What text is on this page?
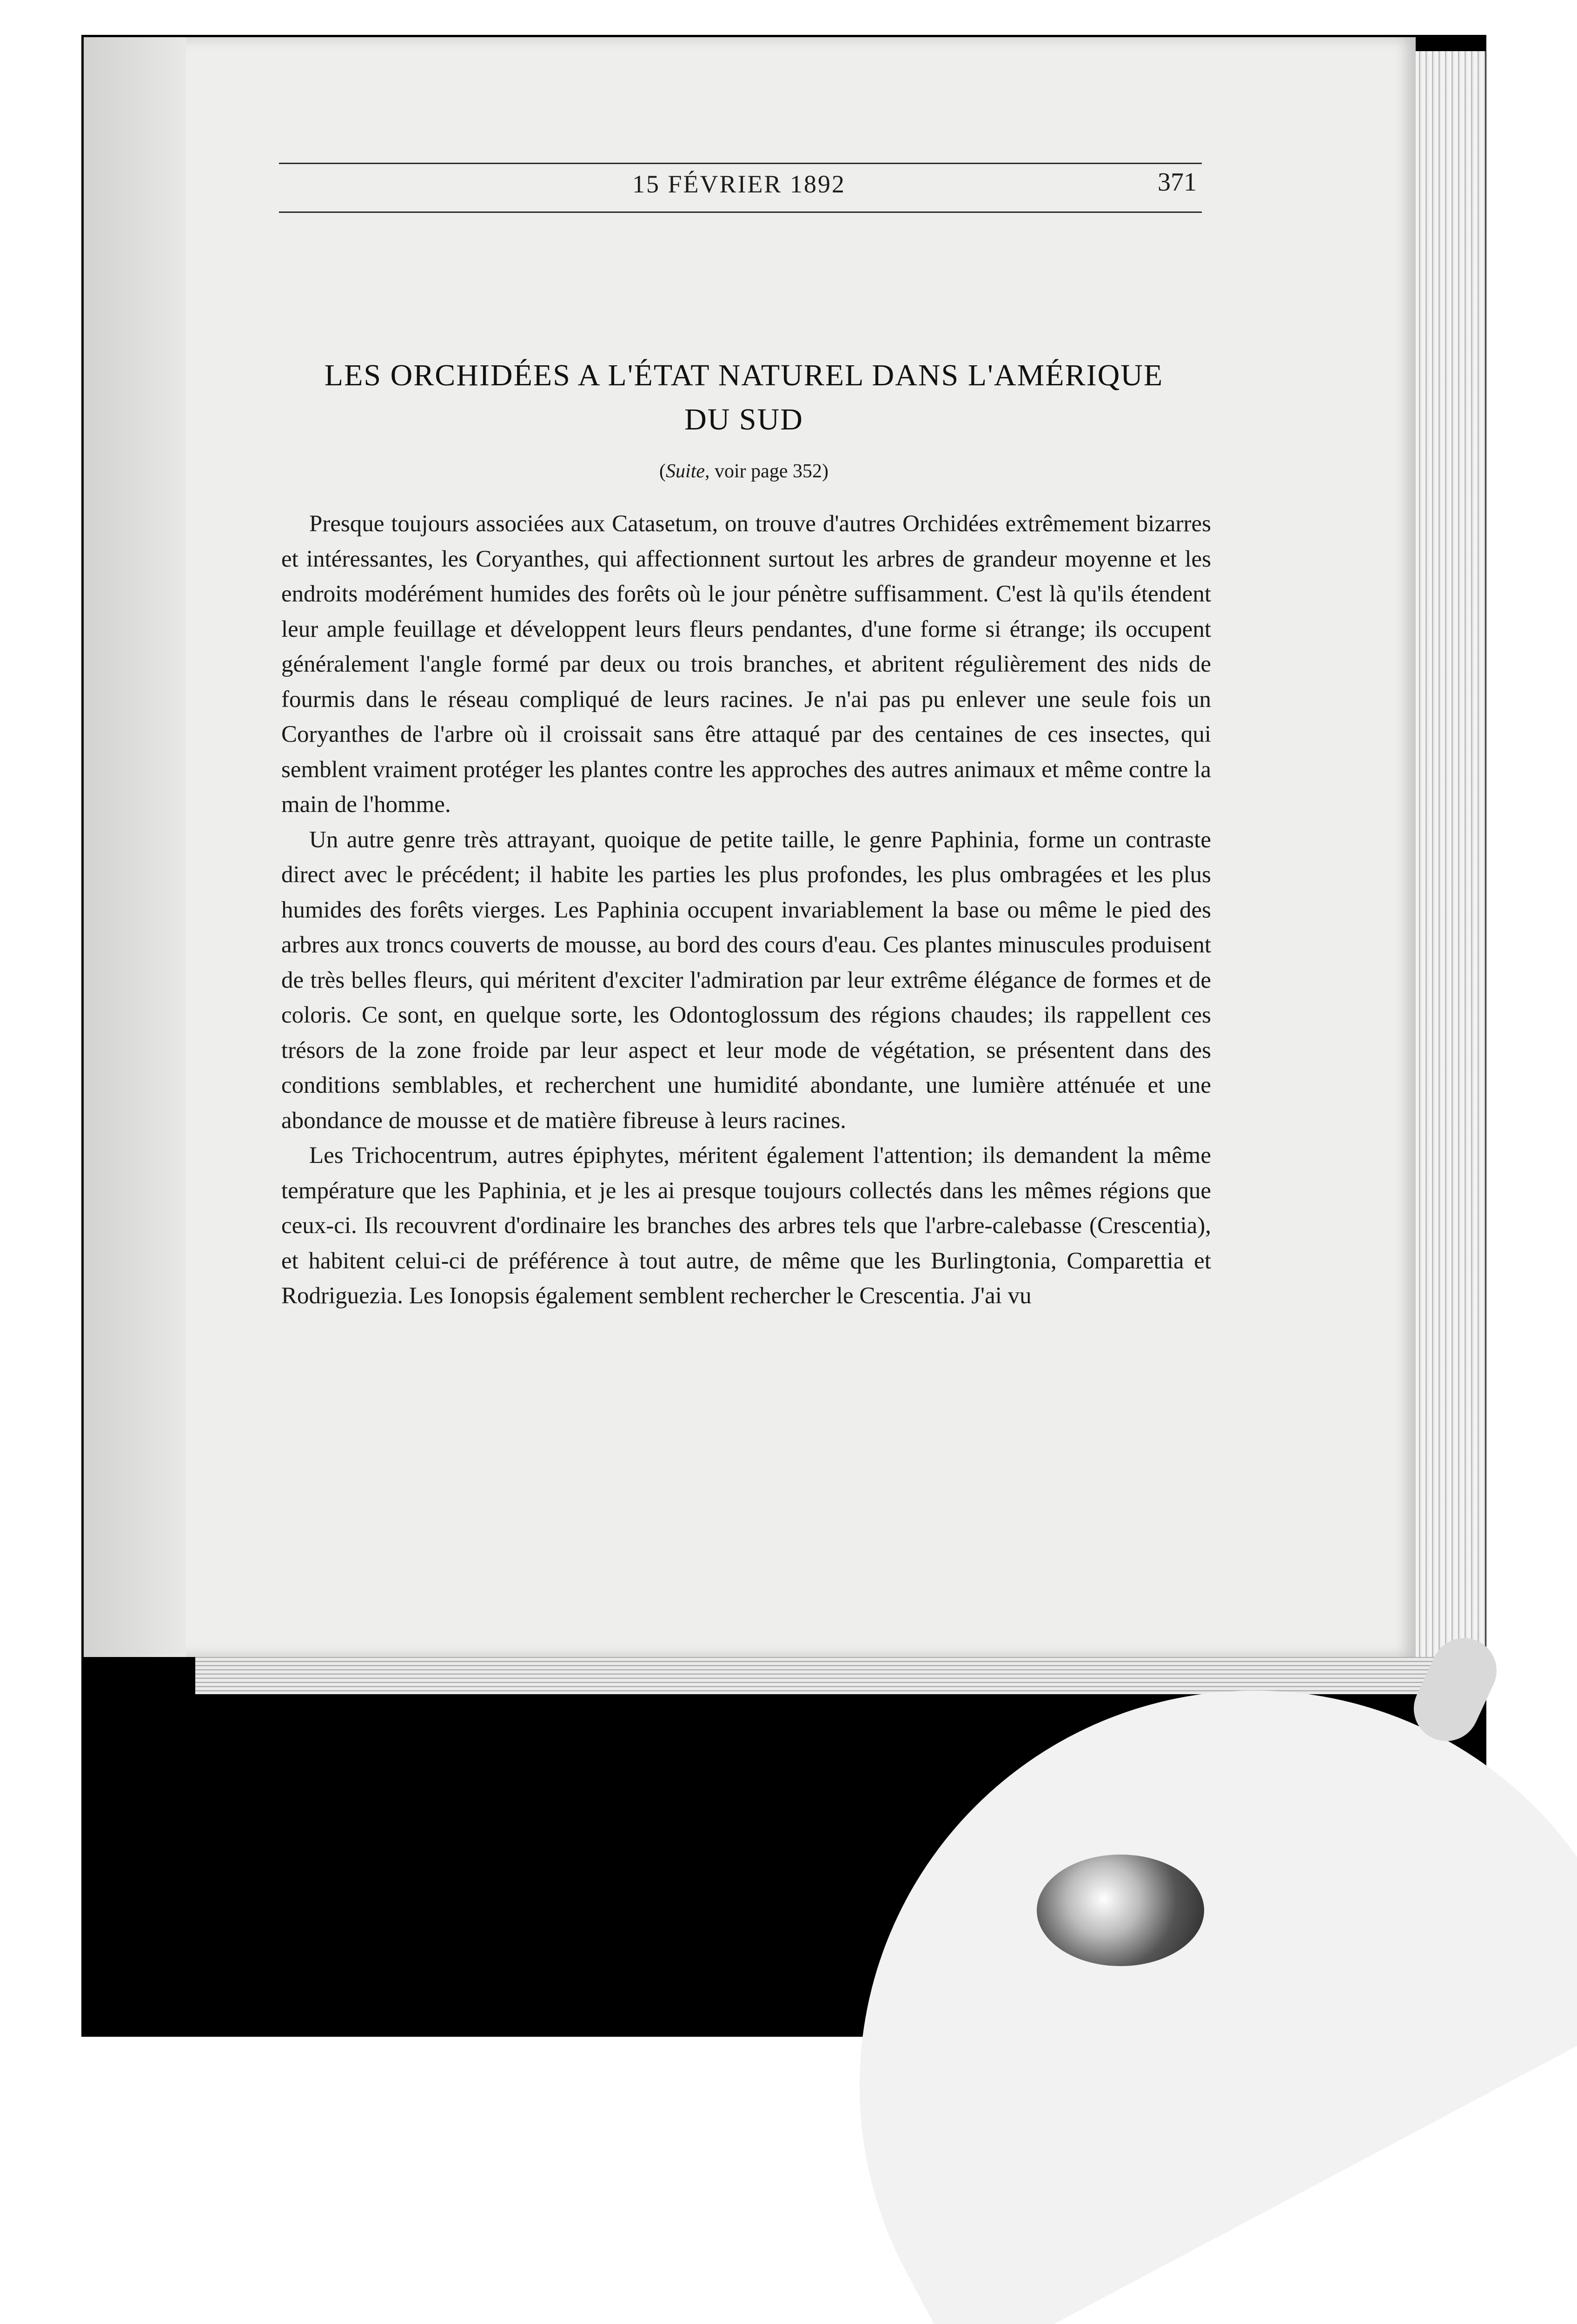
15 FÉVRIER 1892	371
LES ORCHIDÉES A L'ÉTAT NATUREL DANS L'AMÉRIQUE
DU SUD
(Suite, voir page 352)

Presque toujours associées aux Catasetum, on trouve d'autres Orchidées extrêmement bizarres et intéressantes, les Coryanthes, qui affectionnent surtout les arbres de grandeur moyenne et les endroits modérément humides des forêts où le jour pénètre suffisamment. C'est là qu'ils étendent leur ample feuillage et développent leurs fleurs pendantes, d'une forme si étrange; ils occupent généralement l'angle formé par deux ou trois branches, et abritent régulièrement des nids de fourmis dans le réseau compliqué de leurs racines. Je n'ai pas pu enlever une seule fois un Coryanthes de l'arbre où il croissait sans être attaqué par des centaines de ces insectes, qui semblent vraiment protéger les plantes contre les approches des autres animaux et même contre la main de l'homme.

Un autre genre très attrayant, quoique de petite taille, le genre Paphinia, forme un contraste direct avec le précédent; il habite les parties les plus profondes, les plus ombragées et les plus humides des forêts vierges. Les Paphinia occupent invariablement la base ou même le pied des arbres aux troncs couverts de mousse, au bord des cours d'eau. Ces plantes minuscules produisent de très belles fleurs, qui méritent d'exciter l'admiration par leur extrême élégance de formes et de coloris. Ce sont, en quelque sorte, les Odontoglossum des régions chaudes; ils rappellent ces trésors de la zone froide par leur aspect et leur mode de végétation, se présentent dans des conditions semblables, et recherchent une humidité abondante, une lumière atténuée et une abondance de mousse et de matière fibreuse à leurs racines.

Les Trichocentrum, autres épiphytes, méritent également l'attention; ils demandent la même température que les Paphinia, et je les ai presque toujours collectés dans les mêmes régions que ceux-ci. Ils recouvrent d'ordinaire les branches des arbres tels que l'arbre-calebasse (Crescentia), et habitent celui-ci de préférence à tout autre, de même que les Burlingtonia, Comparettia et Rodriguezia. Les Ionopsis également semblent rechercher le Crescentia. J'ai vu
